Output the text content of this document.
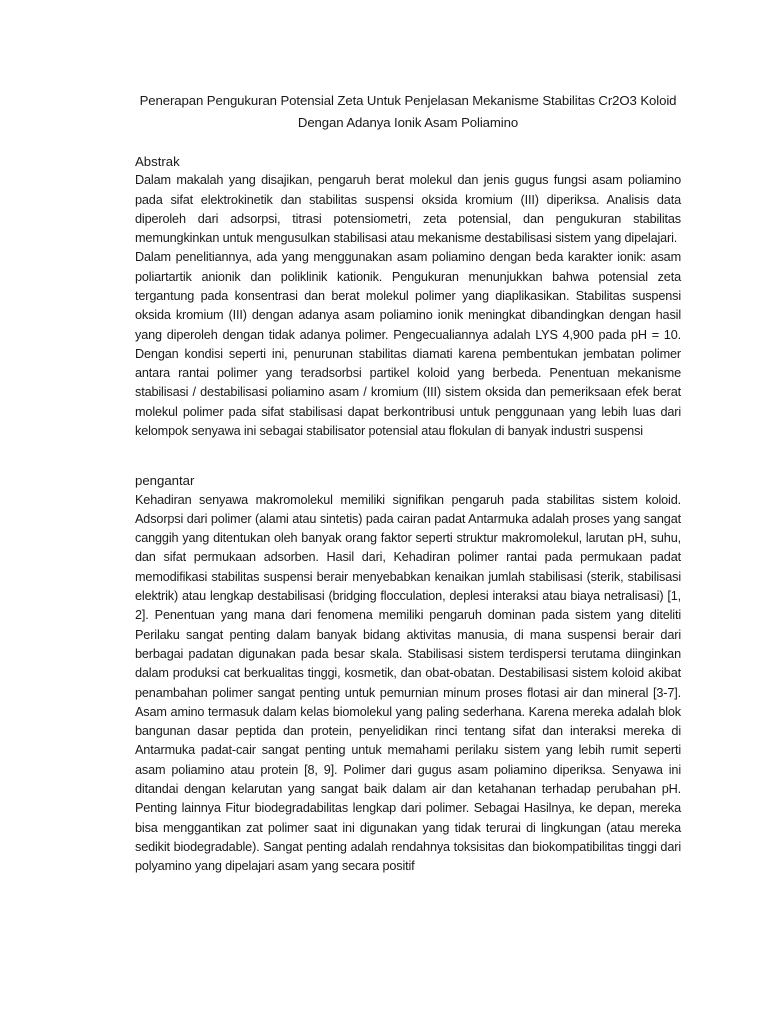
Penerapan Pengukuran Potensial Zeta Untuk Penjelasan Mekanisme Stabilitas Cr2O3 Koloid
Dengan Adanya Ionik Asam Poliamino

Abstrak

Dalam makalah yang disajikan, pengaruh berat molekul dan jenis gugus fungsi asam poliamino pada sifat elektrokinetik dan stabilitas suspensi oksida kromium (III) diperiksa. Analisis data diperoleh dari adsorpsi, titrasi potensiometri, zeta potensial, dan pengukuran stabilitas memungkinkan untuk mengusulkan stabilisasi atau mekanisme destabilisasi sistem yang dipelajari.

Dalam penelitiannya, ada yang menggunakan asam poliamino dengan beda karakter ionik: asam poliartartik anionik dan poliklinik kationik. Pengukuran menunjukkan bahwa potensial zeta tergantung pada konsentrasi dan berat molekul polimer yang diaplikasikan. Stabilitas suspensi oksida kromium (III) dengan adanya asam poliamino ionik meningkat dibandingkan dengan hasil yang diperoleh dengan tidak adanya polimer. Pengecualiannya adalah LYS 4,900 pada pH = 10. Dengan kondisi seperti ini, penurunan stabilitas diamati karena pembentukan jembatan polimer antara rantai polimer yang teradsorbsi partikel koloid yang berbeda. Penentuan mekanisme stabilisasi / destabilisasi poliamino asam / kromium (III) sistem oksida dan pemeriksaan efek berat molekul polimer pada sifat stabilisasi dapat berkontribusi untuk penggunaan yang lebih luas dari kelompok senyawa ini sebagai stabilisator potensial atau flokulan di banyak industri suspensi

pengantar

Kehadiran senyawa makromolekul memiliki signifikan pengaruh pada stabilitas sistem koloid. Adsorpsi dari polimer (alami atau sintetis) pada cairan padat Antarmuka adalah proses yang sangat canggih yang ditentukan oleh banyak orang faktor seperti struktur makromolekul, larutan pH, suhu, dan sifat permukaan adsorben. Hasil dari, Kehadiran polimer rantai pada permukaan padat memodifikasi stabilitas suspensi berair menyebabkan kenaikan jumlah stabilisasi (sterik, stabilisasi elektrik) atau lengkap destabilisasi (bridging flocculation, deplesi interaksi atau biaya netralisasi) [1, 2]. Penentuan yang mana dari fenomena memiliki pengaruh dominan pada sistem yang diteliti Perilaku sangat penting dalam banyak bidang aktivitas manusia, di mana suspensi berair dari berbagai padatan digunakan pada besar skala. Stabilisasi sistem terdispersi terutama diinginkan dalam produksi cat berkualitas tinggi, kosmetik, dan obat-obatan. Destabilisasi sistem koloid akibat penambahan polimer sangat penting untuk pemurnian minum proses flotasi air dan mineral [3-7]. Asam amino termasuk dalam kelas biomolekul yang paling sederhana. Karena mereka adalah blok bangunan dasar peptida dan protein, penyelidikan rinci tentang sifat dan interaksi mereka di Antarmuka padat-cair sangat penting untuk memahami perilaku sistem yang lebih rumit seperti asam poliamino atau protein [8, 9]. Polimer dari gugus asam poliamino diperiksa. Senyawa ini ditandai dengan kelarutan yang sangat baik dalam air dan ketahanan terhadap perubahan pH. Penting lainnya Fitur biodegradabilitas lengkap dari polimer. Sebagai Hasilnya, ke depan, mereka bisa menggantikan zat polimer saat ini digunakan yang tidak terurai di lingkungan (atau mereka sedikit biodegradable). Sangat penting adalah rendahnya toksisitas dan biokompatibilitas tinggi dari polyamino yang dipelajari asam yang secara positif
